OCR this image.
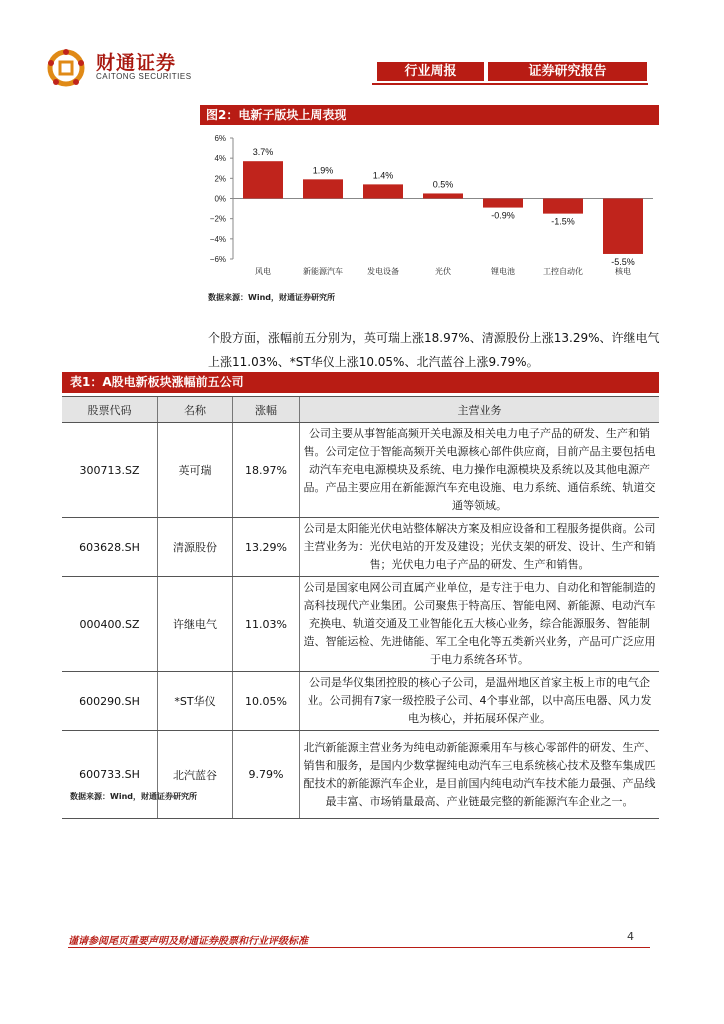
财通证券
CAITONG SECURITIES	行业周报	证券研究报告
图2：电新子版块上周表现
6%
4%
2%
0%
−2%
−4%
−6%
3.7%
风电
1.9%
新能源汽车
1.4%
发电设备
0.5%
光伏
-0.9%
锂电池
-1.5%
工控自动化
-5.5%
核电
数据来源：Wind，财通证券研究所
个股方面，涨幅前五分别为，英可瑞上涨18.97%、清源股份上涨13.29%、许继电气上涨11.03%、*ST华仪上涨10.05%、北汽蓝谷上涨9.79%。
表1：A股电新板块涨幅前五公司
股票代码	名称	涨幅	主营业务
300713.SZ	英可瑞	18.97%	公司主要从事智能高频开关电源及相关电力电子产品的研发、生产和销售。公司定位于智能高频开关电源核心部件供应商，目前产品主要包括电动汽车充电电源模块及系统、电力操作电源模块及系统以及其他电源产品。产品主要应用在新能源汽车充电设施、电力系统、通信系统、轨道交通等领域。
603628.SH	清源股份	13.29%	公司是太阳能光伏电站整体解决方案及相应设备和工程服务提供商。公司主营业务为：光伏电站的开发及建设；光伏支架的研发、设计、生产和销售；光伏电力电子产品的研发、生产和销售。
000400.SZ	许继电气	11.03%	公司是国家电网公司直属产业单位，是专注于电力、自动化和智能制造的高科技现代产业集团。公司聚焦于特高压、智能电网、新能源、电动汽车充换电、轨道交通及工业智能化五大核心业务，综合能源服务、智能制造、智能运检、先进储能、军工全电化等五类新兴业务，产品可广泛应用于电力系统各环节。
600290.SH	*ST华仪	10.05%	公司是华仪集团控股的核心子公司，是温州地区首家主板上市的电气企业。公司拥有7家一级控股子公司、4个事业部，以中高压电器、风力发电为核心，并拓展环保产业。
600733.SH	北汽蓝谷	9.79%	北汽新能源主营业务为纯电动新能源乘用车与核心零部件的研发、生产、销售和服务，是国内少数掌握纯电动汽车三电系统核心技术及整车集成匹配技术的新能源汽车企业，是目前国内纯电动汽车技术能力最强、产品线最丰富、市场销量最高、产业链最完整的新能源汽车企业之一。
数据来源：Wind，财通证券研究所
谨请参阅尾页重要声明及财通证券股票和行业评级标准	4
